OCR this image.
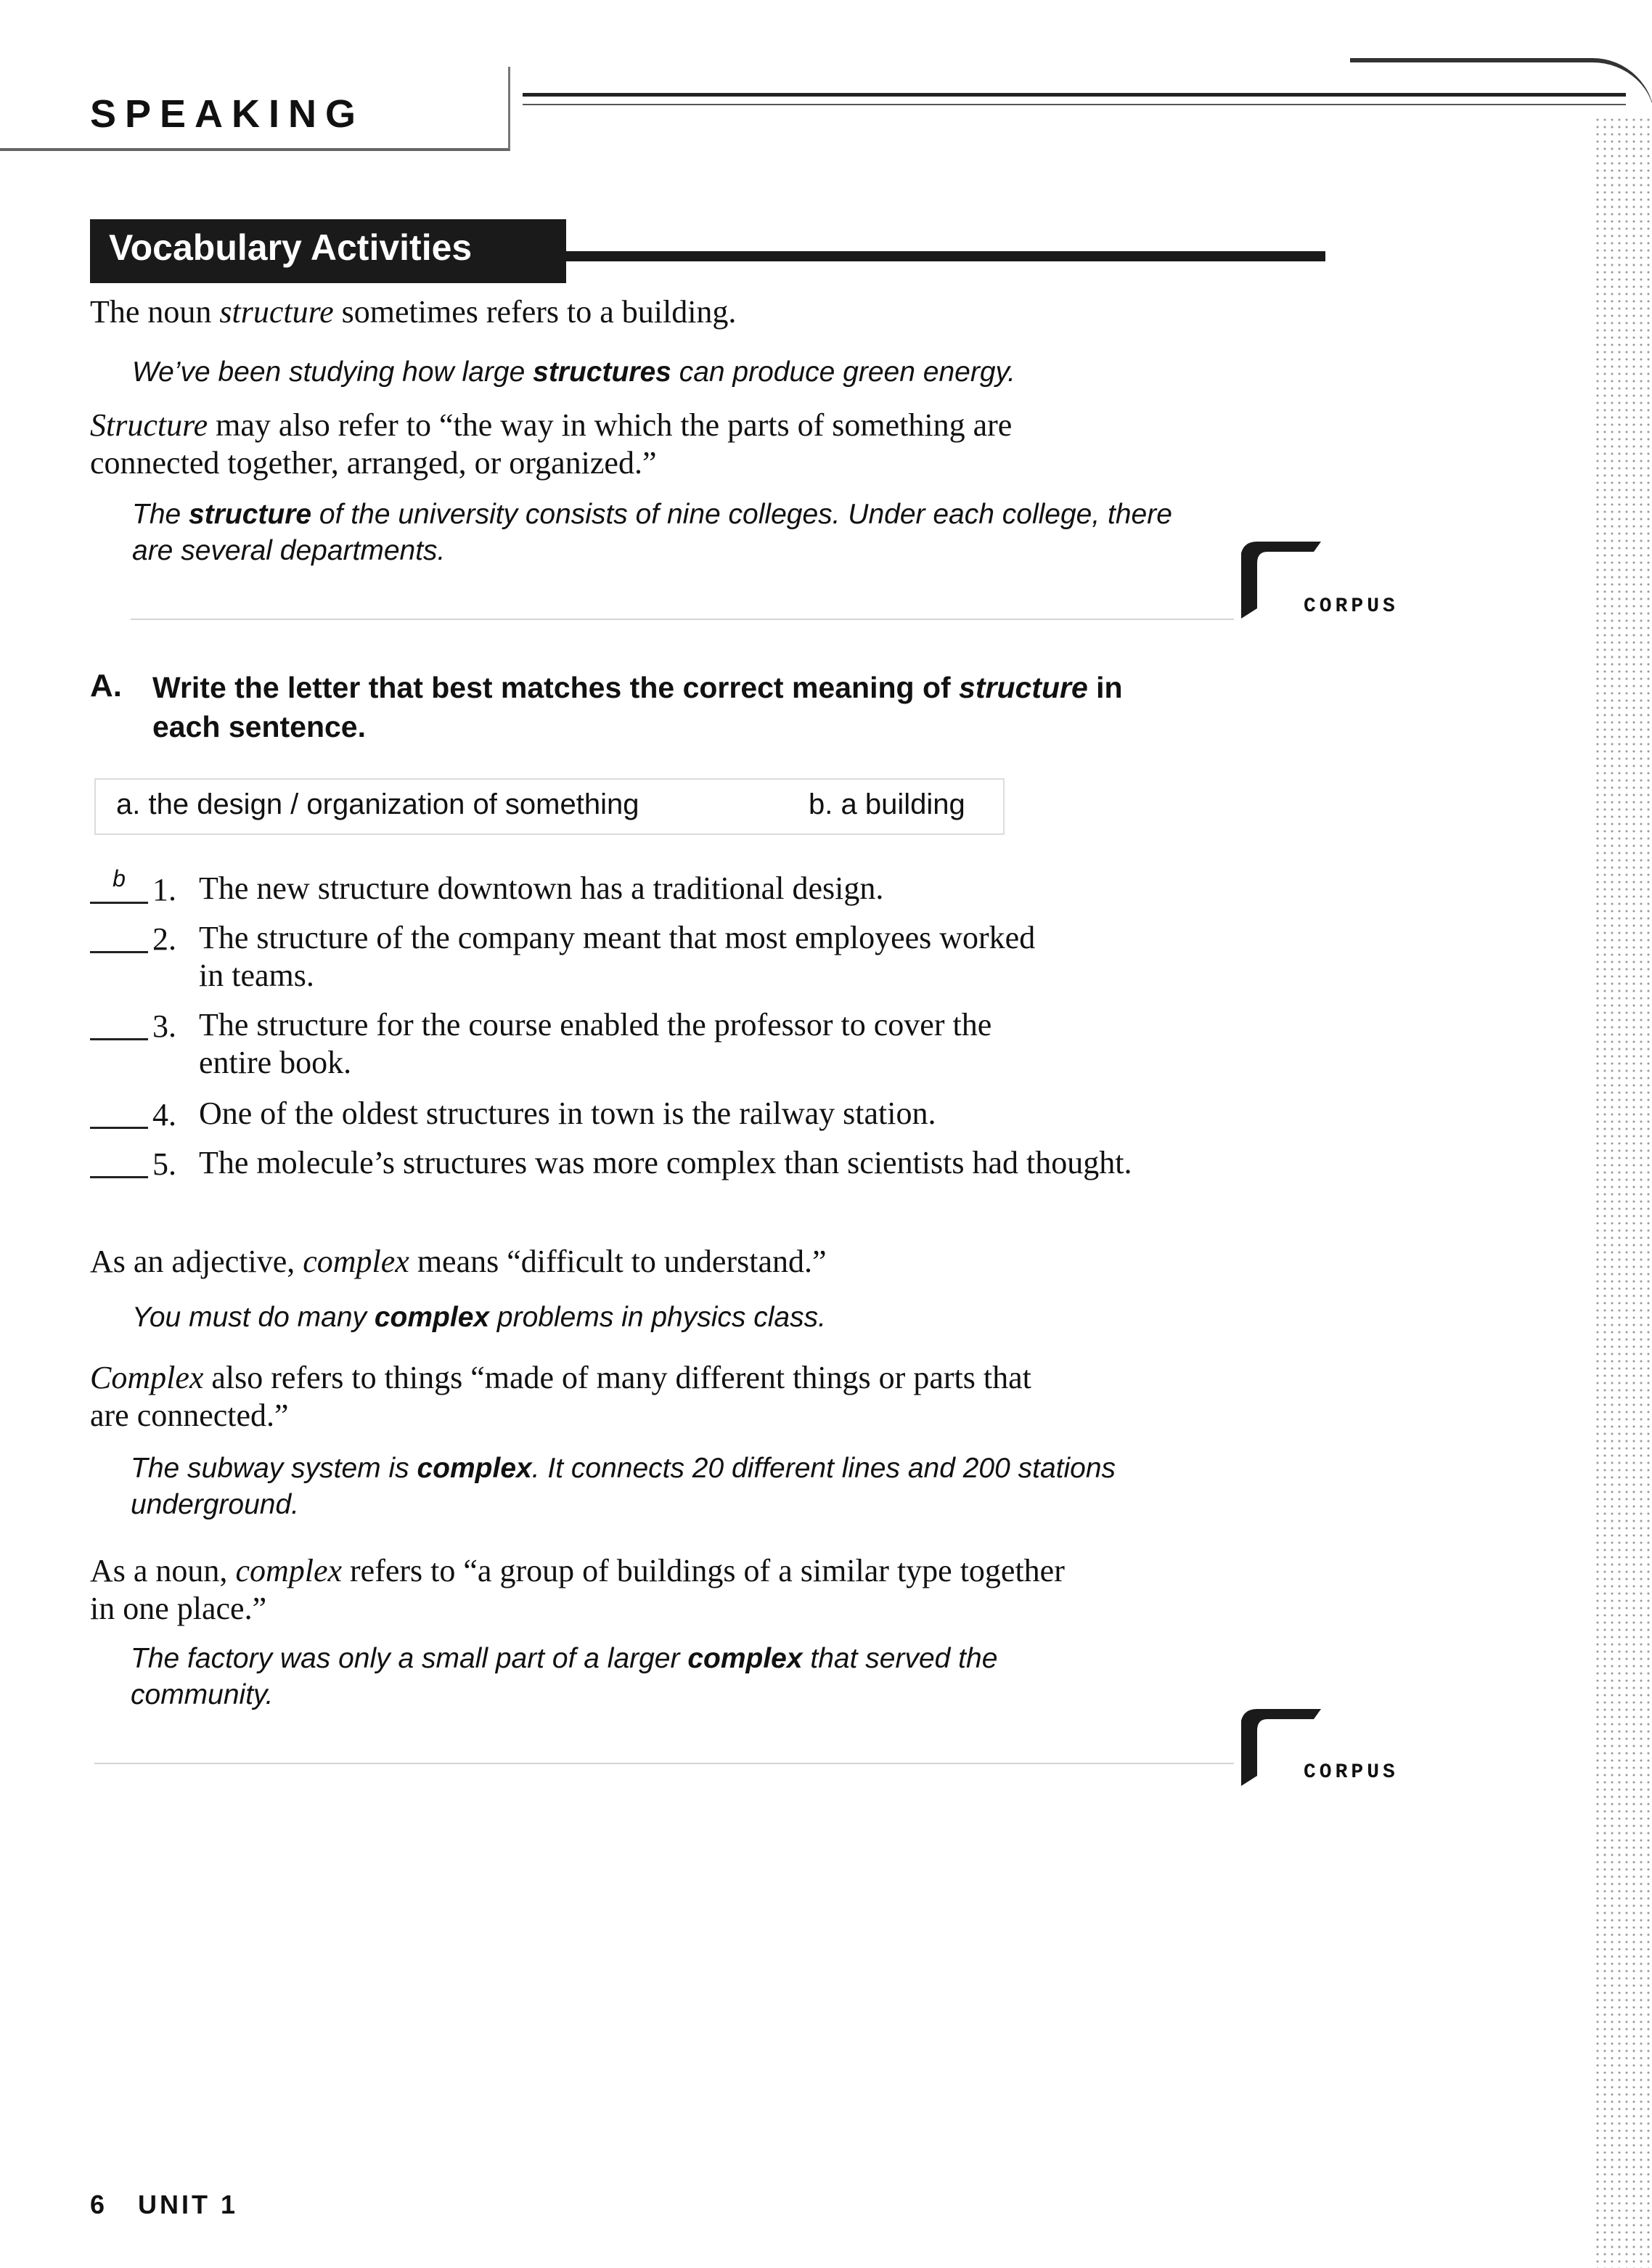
SPEAKING
Vocabulary Activities
The noun structure sometimes refers to a building.
We’ve been studying how large structures can produce green energy.
Structure may also refer to “the way in which the parts of something are
connected together, arranged, or organized.”
The structure of the university consists of nine colleges. Under each college, there
are several departments.
CORPUS
A. Write the letter that best matches the correct meaning of structure in
each sentence.
a. the design / organization of something	b. a building
b 1. The new structure downtown has a traditional design.
2. The structure of the company meant that most employees worked
in teams.
3. The structure for the course enabled the professor to cover the
entire book.
4. One of the oldest structures in town is the railway station.
5. The molecule’s structures was more complex than scientists had thought.
As an adjective, complex means “difficult to understand.”
You must do many complex problems in physics class.
Complex also refers to things “made of many different things or parts that
are connected.”
The subway system is complex. It connects 20 different lines and 200 stations
underground.
As a noun, complex refers to “a group of buildings of a similar type together
in one place.”
The factory was only a small part of a larger complex that served the
community.
CORPUS
6 UNIT 1
